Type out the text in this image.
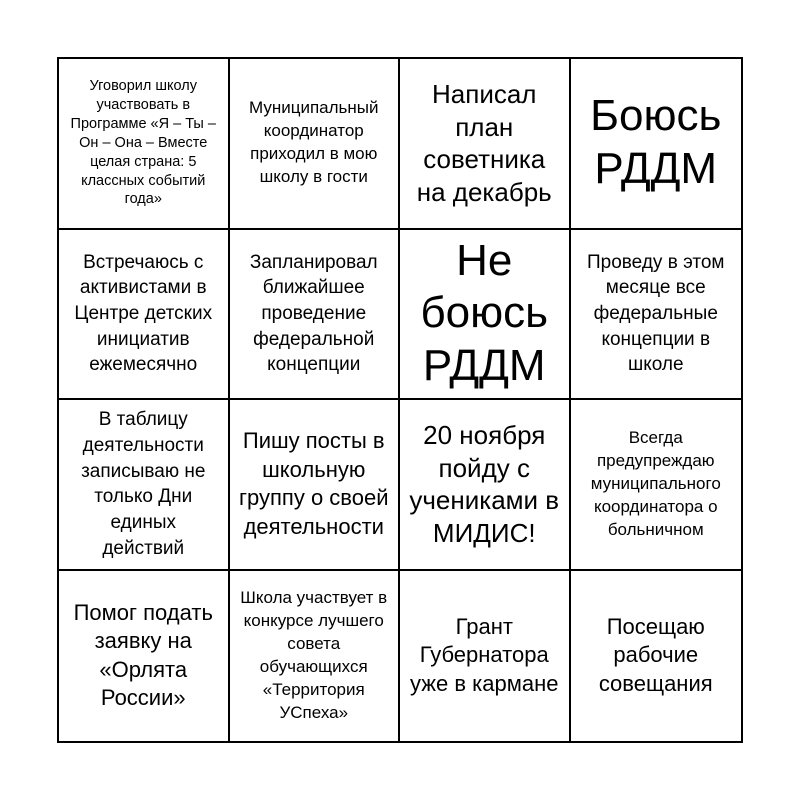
Уговорил школу участвовать в Программе «Я – Ты – Он – Она – Вместе целая страна: 5 классных событий года»
Муниципальный координатор приходил в мою школу в гости
Написал план советника на декабрь
Боюсь РДДМ
Встречаюсь с активистами в Центре детских инициатив ежемесячно
Запланировал ближайшее проведение федеральной концепции
Не боюсь РДДМ
Проведу в этом месяце все федеральные концепции в школе
В таблицу деятельности записываю не только Дни единых действий
Пишу посты в школьную группу о своей деятельности
20 ноября пойду с учениками в МИДИС!
Всегда предупреждаю муниципального координатора о больничном
Помог подать заявку на «Орлята России»
Школа участвует в конкурсе лучшего совета обучающихся «Территория УСпеха»
Грант Губернатора уже в кармане
Посещаю рабочие совещания
